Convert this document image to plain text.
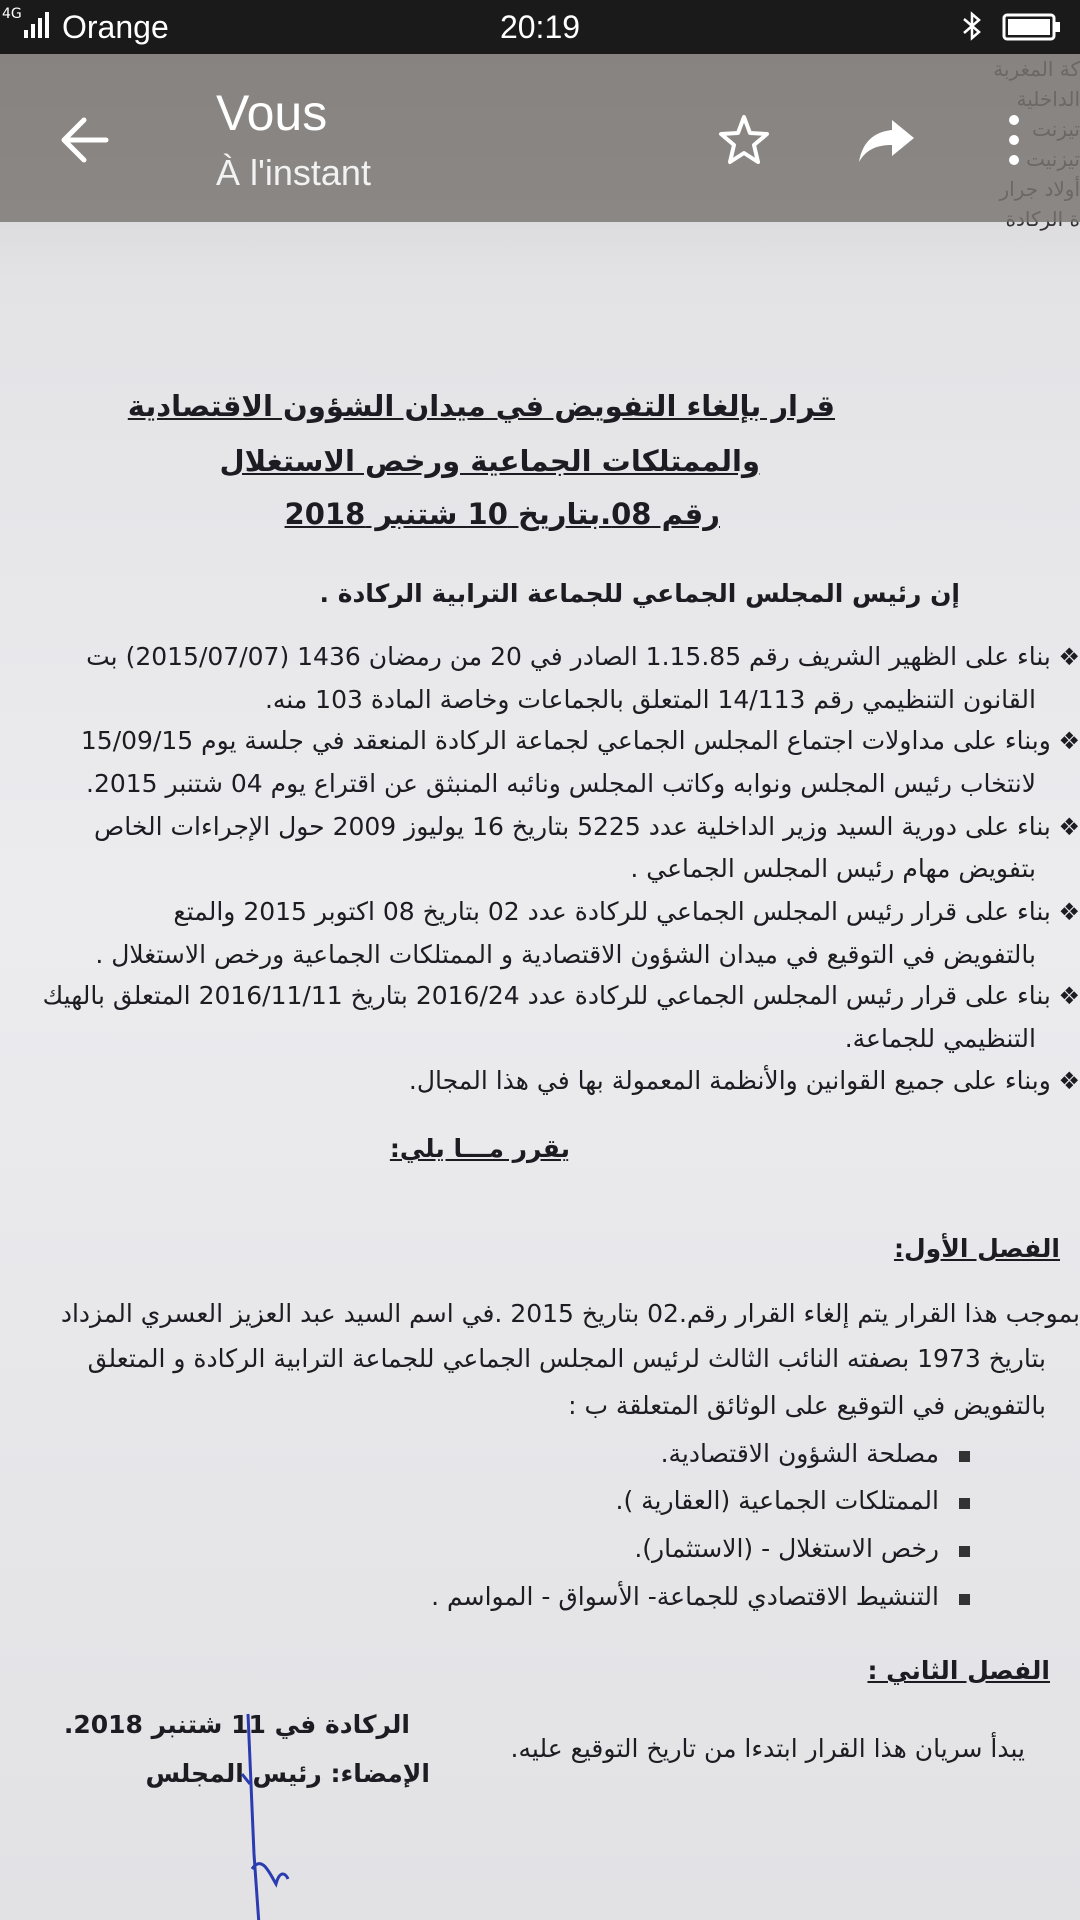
قرار بإلغاء التفويض في ميدان الشؤون الاقتصادية
والممتلكات الجماعية ورخص الاستغلال
رقم 08.بتاريخ 10 شتنبر 2018
إن رئيس المجلس الجماعي للجماعة الترابية الركادة .
❖ بناء على الظهير الشريف رقم 1.15.85 الصادر في 20 من رمضان 1436 (2015/07/07) بت
القانون التنظيمي رقم 14/113 المتعلق بالجماعات وخاصة المادة 103 منه.
❖ وبناء على مداولات اجتماع المجلس الجماعي لجماعة الركادة المنعقد في جلسة يوم 15/09/15
لانتخاب رئيس المجلس ونوابه وكاتب المجلس ونائبه المنبثق عن اقتراع يوم 04 شتنبر 2015.
❖ بناء على دورية السيد وزير الداخلية عدد 5225 بتاريخ 16 يوليوز 2009 حول الإجراءات الخاص
بتفويض مهام رئيس المجلس الجماعي .
❖ بناء على قرار رئيس المجلس الجماعي للركادة عدد 02 بتاريخ 08 اكتوبر 2015 والمتع
بالتفويض في التوقيع في ميدان الشؤون الاقتصادية و الممتلكات الجماعية ورخص الاستغلال .
❖ بناء على قرار رئيس المجلس الجماعي للركادة عدد 2016/24 بتاريخ 2016/11/11 المتعلق بالهيك
التنظيمي للجماعة.
❖ وبناء على جميع القوانين والأنظمة المعمولة بها في هذا المجال.
يقرر مـــا يلي:
الفصل الأول:
بموجب هذا القرار يتم إلغاء القرار رقم.02 بتاريخ 2015 .في اسم السيد عبد العزيز العسري المزداد
بتاريخ 1973 بصفته النائب الثالث لرئيس المجلس الجماعي للجماعة الترابية الركادة و المتعلق
بالتفويض في التوقيع على الوثائق المتعلقة ب :
مصلحة الشؤون الاقتصادية.
الممتلكات الجماعية (العقارية ).
رخص الاستغلال - (الاستثمار).
التنشيط الاقتصادي للجماعة- الأسواق - المواسم .
الفصل الثاني :
يبدأ سريان هذا القرار ابتدءا من تاريخ التوقيع عليه.
الركادة في 11 شتنبر 2018.
الإمضاء: رئيس المجلس
4G Orange	20:19
Vous
À l'instant
